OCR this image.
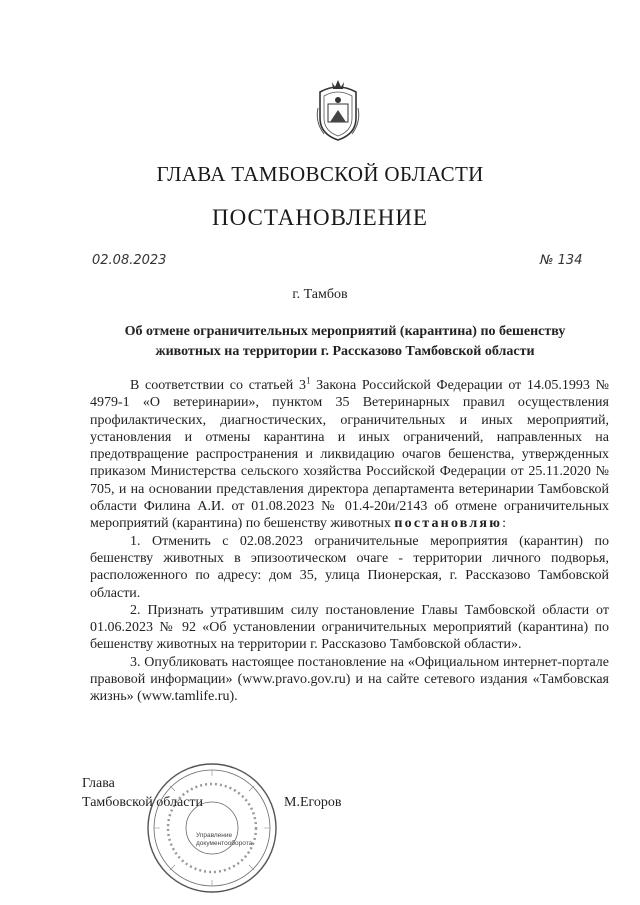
ГЛАВА ТАМБОВСКОЙ ОБЛАСТИ
ПОСТАНОВЛЕНИЕ
02.08.2023	№ 134
г. Тамбов
Об отмене ограничительных мероприятий (карантина) по бешенству
животных на территории г. Рассказово Тамбовской области

В соответствии со статьей $3^1$ Закона Российской Федерации от 14.05.1993 № 4979-1 «О ветеринарии», пунктом 35 Ветеринарных правил осуществления профилактических, диагностических, ограничительных и иных мероприятий, установления и отмены карантина и иных ограничений, направленных на предотвращение распространения и ликвидацию очагов бешенства, утвержденных приказом Министерства сельского хозяйства Российской Федерации от 25.11.2020 № 705, и на основании представления директора департамента ветеринарии Тамбовской области Филина А.И. от 01.08.2023 № 01.4-20и/2143 об отмене ограничительных мероприятий (карантина) по бешенству животных постановляю:

1. Отменить с 02.08.2023 ограничительные мероприятия (карантин) по бешенству животных в эпизоотическом очаге - территории личного подворья, расположенного по адресу: дом 35, улица Пионерская, г. Рассказово Тамбовской области.

2. Признать утратившим силу постановление Главы Тамбовской области от 01.06.2023 № 92 «Об установлении ограничительных мероприятий (карантина) по бешенству животных на территории г. Рассказово Тамбовской области».

3. Опубликовать настоящее постановление на «Официальном интернет-портале правовой информации» (www.pravo.gov.ru) и на сайте сетевого издания «Тамбовская жизнь» (www.tamlife.ru).

Управление документооборота
Глава
Тамбовской области	М.Егоров
